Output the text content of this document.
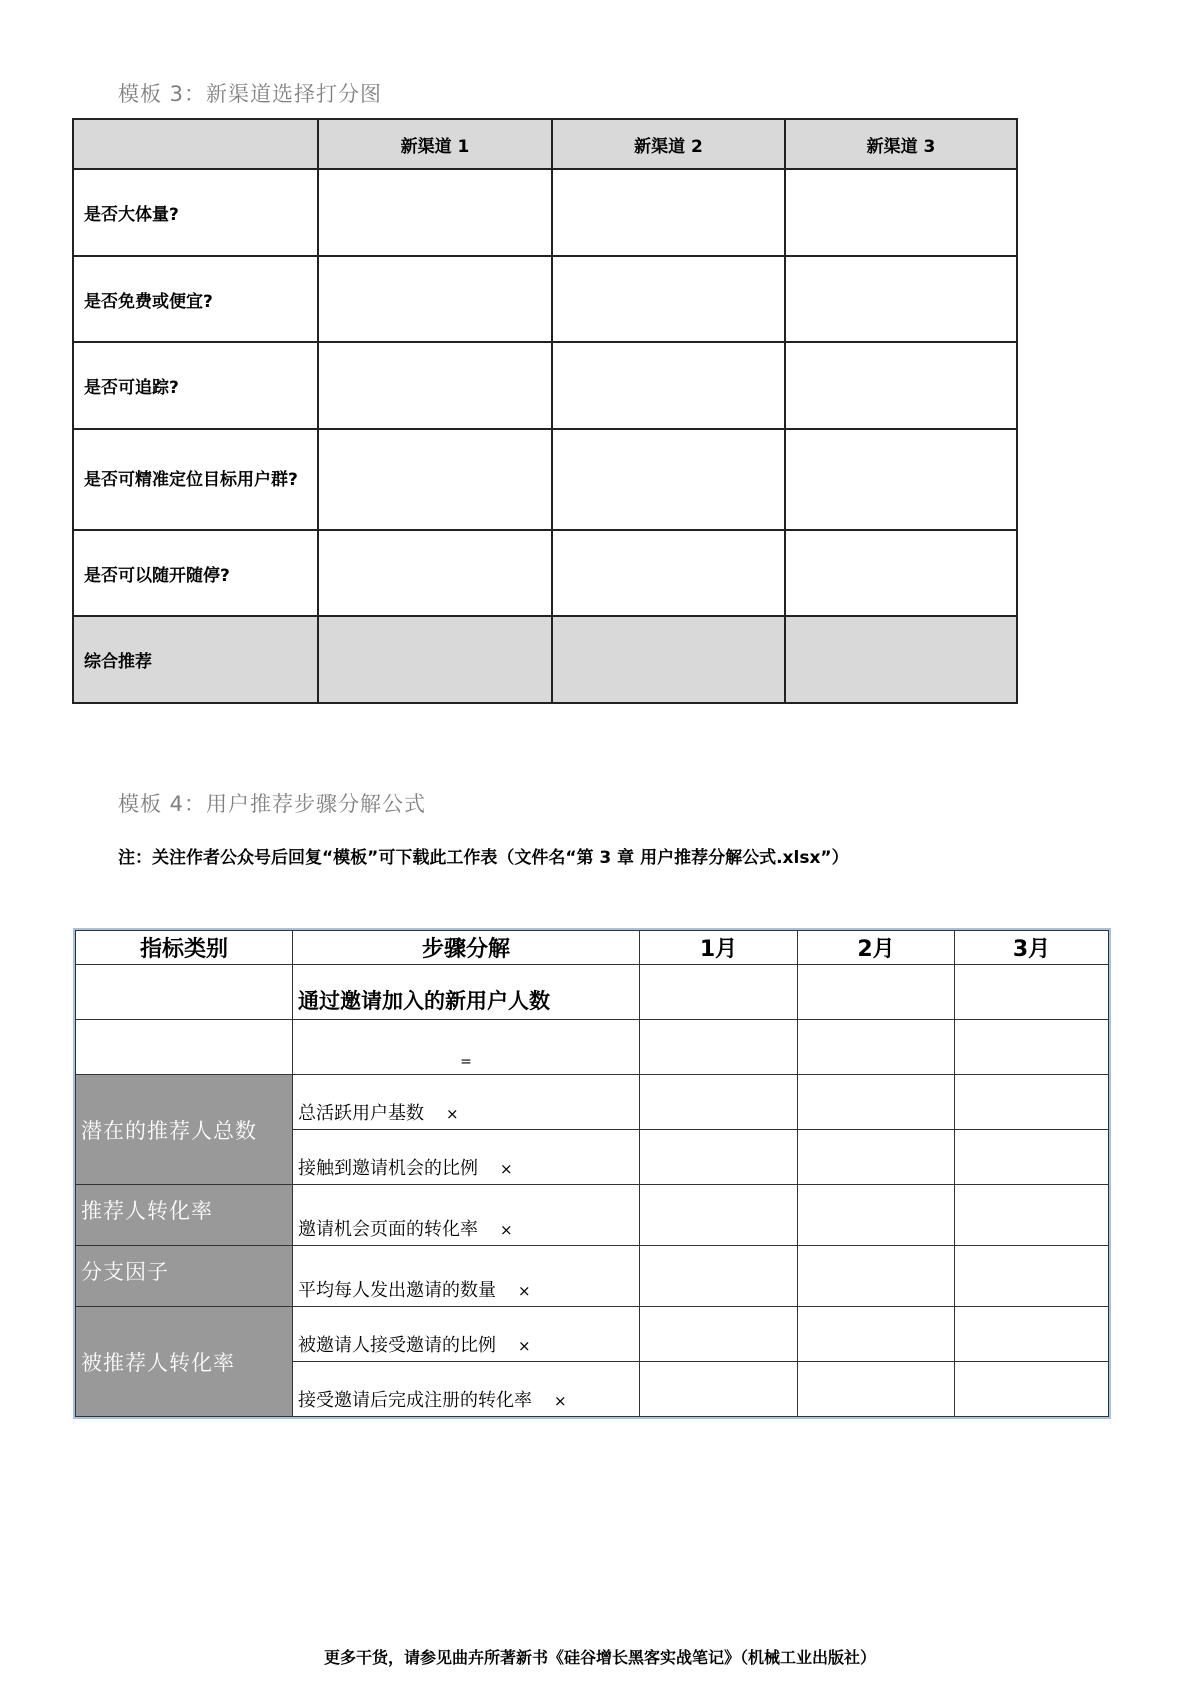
模板 3：新渠道选择打分图
	新渠道 1	新渠道 2	新渠道 3
是否大体量?			
是否免费或便宜?			
是否可追踪?			
是否可精准定位目标用户群?			
是否可以随开随停?			
综合推荐			
模板 4：用户推荐步骤分解公式
注：关注作者公众号后回复“模板”可下载此工作表（文件名“第 3 章 用户推荐分解公式.xlsx”）
指标类别	步骤分解	1月	2月	3月
	通过邀请加入的新用户人数			
	=			
潜在的推荐人总数	总活跃用户基数 ×			
	接触到邀请机会的比例 ×			
推荐人转化率	邀请机会页面的转化率 ×			
分支因子	平均每人发出邀请的数量 ×			
被推荐人转化率	被邀请人接受邀请的比例 ×			
	接受邀请后完成注册的转化率 ×			
更多干货，请参见曲卉所著新书《硅谷增长黑客实战笔记》（机械工业出版社）
